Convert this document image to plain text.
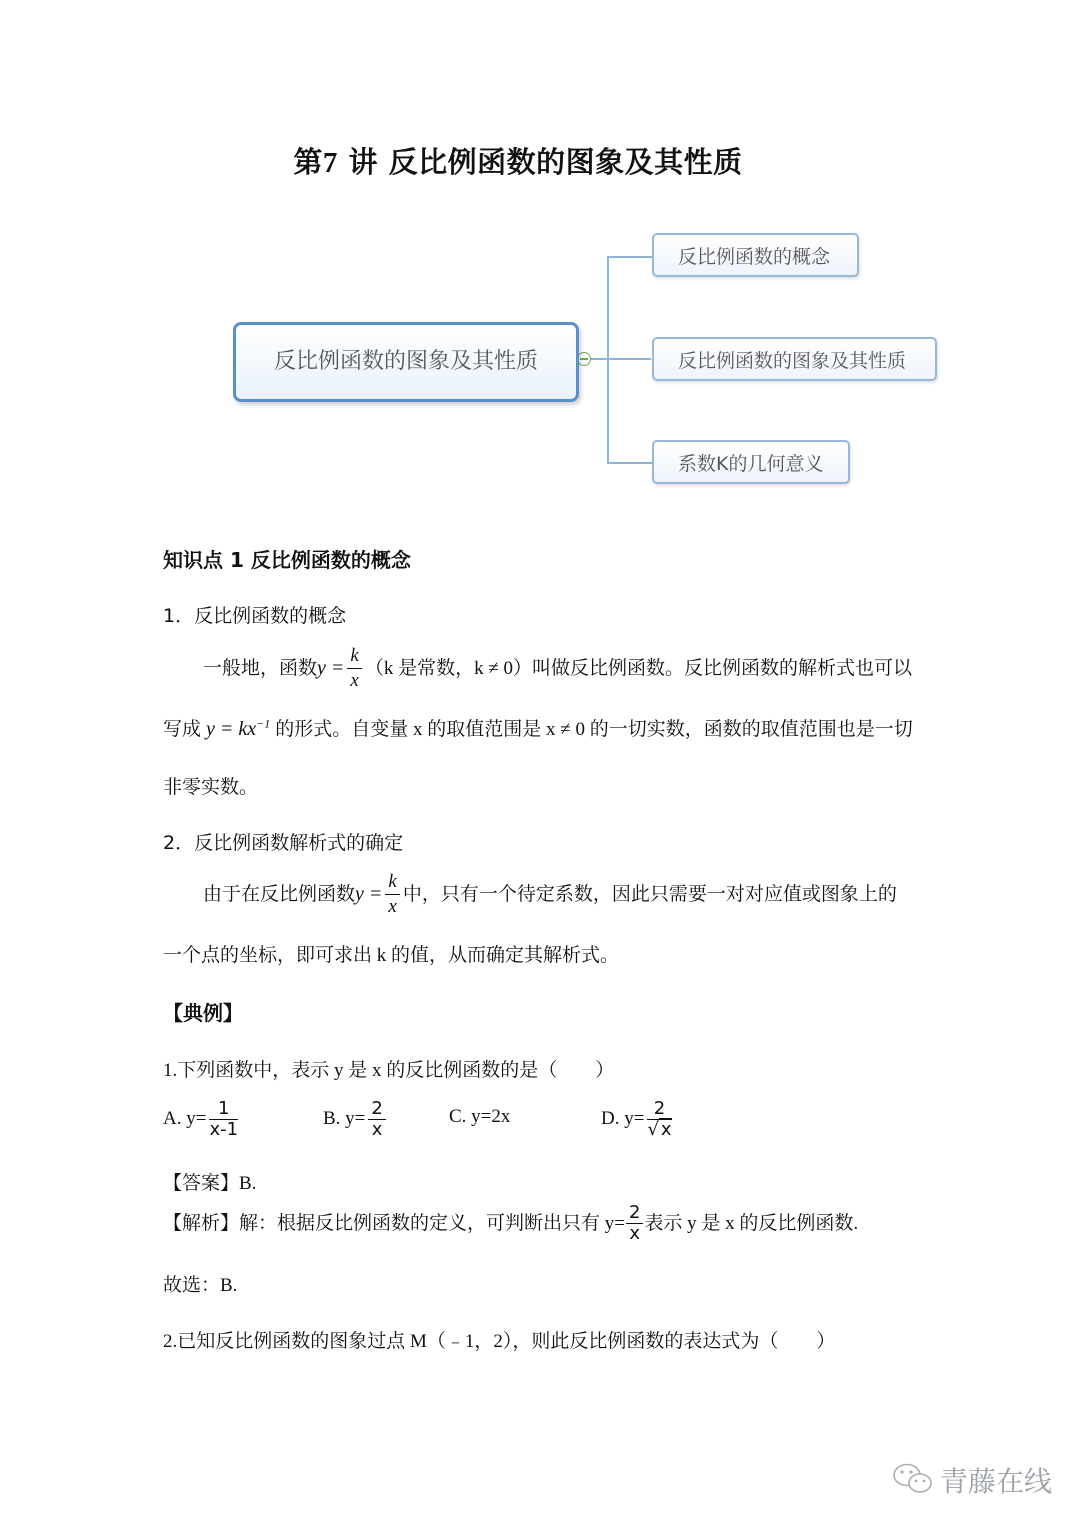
第7 讲 反比例函数的图象及其性质
反比例函数的图象及其性质
反比例函数的概念
反比例函数的图象及其性质
系数K的几何意义
知识点 1 反比例函数的概念
1．反比例函数的概念
一般地，函数$y = \frac{k}{x} (k$ 是常数，k ≠ 0）叫做反比例函数。反比例函数的解析式也可以
写成 $y = kx^{-1}$ 的形式。自变量 x 的取值范围是 x ≠ 0 的一切实数，函数的取值范围也是一切
非零实数。
2．反比例函数解析式的确定
由于在反比例函数$y = \frac{k}{x}$ 中，只有一个待定系数，因此只需要一对对应值或图象上的
一个点的坐标，即可求出 k 的值，从而确定其解析式。
【典例】
1.下列函数中，表示 y 是 x 的反比例函数的是（　　）
A. $y= \frac{1}{x-1}$	B. $y= \frac{2}{x}$	C. y=2x	D. $y= \frac{2}{√ x}$
【答案】B.
【解析】解：根据反比例函数的定义，可判断出只有 $y= \frac{2}{x}$ 表示 y 是 x 的反比例函数.
故选：B.
2.已知反比例函数的图象过点 M（﹣1，2），则此反比例函数的表达式为（　　）
青藤在线
